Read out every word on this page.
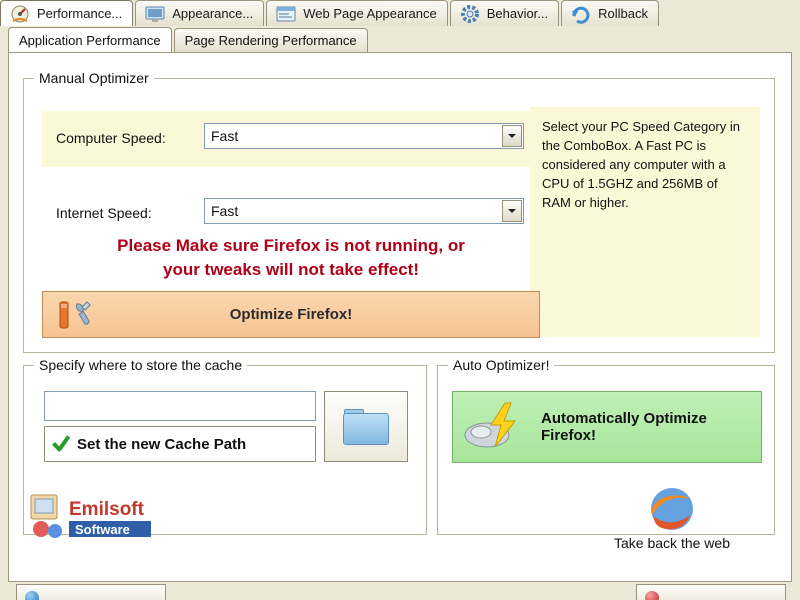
Performance...	Appearance...	Web Page Appearance	Behavior...	Rollback
Application Performance	Page Rendering Performance
Manual Optimizer
Computer Speed:	Fast
Internet Speed:	Fast
Select your PC Speed Category in the ComboBox. A Fast PC is considered any computer with a CPU of 1.5GHZ and 256MB of RAM or higher.
Please Make sure Firefox is not running, or
your tweaks will not take effect!
Optimize Firefox!
Specify where to store the cache
Set the new Cache Path
Auto Optimizer!
Automatically Optimize Firefox!
Emilsoft
Software
Take back the web
